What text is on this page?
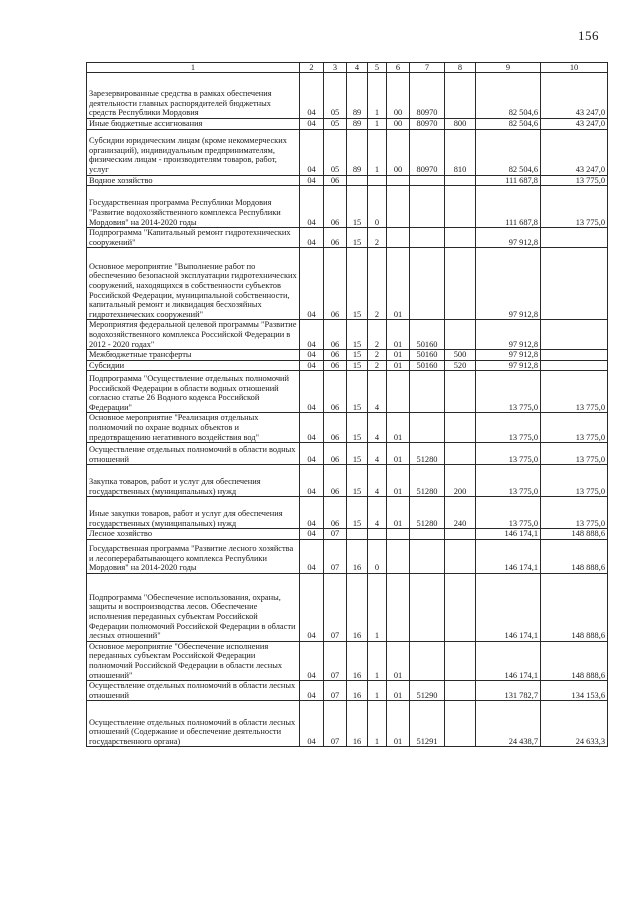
156
1	2	3	4	5	6	7	8	9	10
Зарезервированные средства в рамках обеспечения деятельности главных распорядителей бюджетных средств Республики Мордовия	04	05	89	1	00	80970		82 504,6	43 247,0
Иные бюджетные ассигнования	04	05	89	1	00	80970	800	82 504,6	43 247,0
Субсидии юридическим лицам (кроме некоммерческих организаций), индивидуальным предпринимателям, физическим лицам - производителям товаров, работ, услуг	04	05	89	1	00	80970	810	82 504,6	43 247,0
Водное хозяйство	04	06						111 687,8	13 775,0
Государственная программа Республики Мордовия "Развитие водохозяйственного комплекса Республики Мордовия" на 2014-2020 годы	04	06	15	0				111 687,8	13 775,0
Подпрограмма "Капитальный ремонт гидротехнических сооружений"	04	06	15	2				97 912,8	
Основное мероприятие "Выполнение работ по обеспечению безопасной эксплуатации гидротехнических сооружений, находящихся в собственности субъектов Российской Федерации, муниципальной собственности, капитальный ремонт и ликвидация бесхозяйных гидротехнических сооружений"	04	06	15	2	01			97 912,8	
Мероприятия федеральной целевой программы "Развитие водохозяйственного комплекса Российской Федерации в 2012 - 2020 годах"	04	06	15	2	01	50160		97 912,8	
Межбюджетные трансферты	04	06	15	2	01	50160	500	97 912,8	
Субсидии	04	06	15	2	01	50160	520	97 912,8	
Подпрограмма "Осуществление отдельных полномочий Российской Федерации в области водных отношений согласно статье 26 Водного кодекса Российской Федерации"	04	06	15	4				13 775,0	13 775,0
Основное мероприятие "Реализация отдельных полномочий по охране водных объектов и предотвращению негативного воздействия вод"	04	06	15	4	01			13 775,0	13 775,0
Осуществление отдельных полномочий в области водных отношений	04	06	15	4	01	51280		13 775,0	13 775,0
Закупка товаров, работ и услуг для обеспечения государственных (муниципальных) нужд	04	06	15	4	01	51280	200	13 775,0	13 775,0
Иные закупки товаров, работ и услуг для обеспечения государственных (муниципальных) нужд	04	06	15	4	01	51280	240	13 775,0	13 775,0
Лесное хозяйство	04	07						146 174,1	148 888,6
Государственная программа "Развитие лесного хозяйства и лесоперерабатывающего комплекса Республики Мордовия" на 2014-2020 годы	04	07	16	0				146 174,1	148 888,6
Подпрограмма "Обеспечение использования, охраны, защиты и воспроизводства лесов. Обеспечение исполнения переданных субъектам Российской Федерации полномочий Российской Федерации в области лесных отношений"	04	07	16	1				146 174,1	148 888,6
Основное мероприятие "Обеспечение исполнения переданных субъектам Российской Федерации полномочий Российской Федерации в области лесных отношений"	04	07	16	1	01			146 174,1	148 888,6
Осуществление отдельных полномочий в области лесных отношений	04	07	16	1	01	51290		131 782,7	134 153,6
Осуществление отдельных полномочий в области лесных отношений (Содержание и обеспечение деятельности государственного органа)	04	07	16	1	01	51291		24 438,7	24 633,3
